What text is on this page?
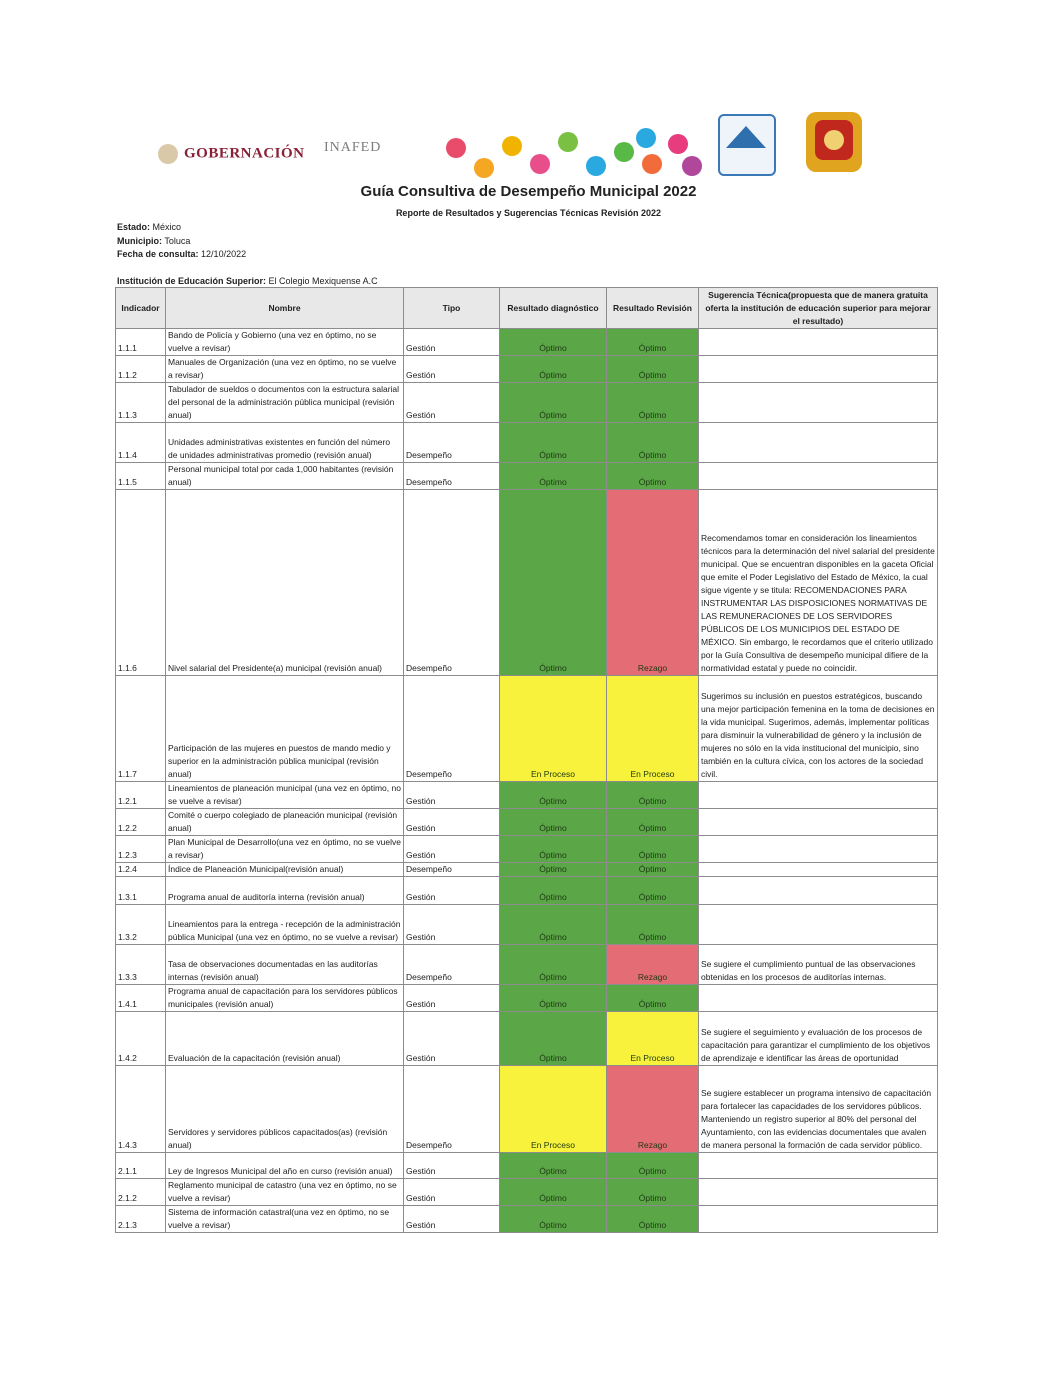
GOBERNACIÓN INAFED
Guía Consultiva de Desempeño Municipal 2022
Reporte de Resultados y Sugerencias Técnicas Revisión 2022
Estado: México
Municipio: Toluca
Fecha de consulta: 12/10/2022
Institución de Educación Superior: El Colegio Mexiquense A.C
Indicador	Nombre	Tipo	Resultado diagnóstico	Resultado Revisión	Sugerencia Técnica(propuesta que de manera gratuita oferta la institución de educación superior para mejorar el resultado)
1.1.1	Bando de Policía y Gobierno (una vez en óptimo, no se vuelve a revisar)	Gestión	Óptimo	Óptimo	
1.1.2	Manuales de Organización (una vez en óptimo, no se vuelve a revisar)	Gestión	Óptimo	Óptimo	
1.1.3	Tabulador de sueldos o documentos con la estructura salarial del personal de la administración pública municipal (revisión anual)	Gestión	Óptimo	Óptimo	
1.1.4	Unidades administrativas existentes en función del número de unidades administrativas promedio (revisión anual)	Desempeño	Óptimo	Óptimo	
1.1.5	Personal municipal total por cada 1,000 habitantes (revisión anual)	Desempeño	Óptimo	Óptimo	
1.1.6	Nivel salarial del Presidente(a) municipal (revisión anual)	Desempeño	Óptimo	Rezago	Recomendamos tomar en consideración los lineamientos técnicos para la determinación del nivel salarial del presidente municipal. Que se encuentran disponibles en la gaceta Oficial que emite el Poder Legislativo del Estado de México, la cual sigue vigente y se titula: RECOMENDACIONES PARA INSTRUMENTAR LAS DISPOSICIONES NORMATIVAS DE LAS REMUNERACIONES DE LOS SERVIDORES PÚBLICOS DE LOS MUNICIPIOS DEL ESTADO DE MÉXICO. Sin embargo, le recordamos que el criterio utilizado por la Guía Consultiva de desempeño municipal difiere de la normatividad estatal y puede no coincidir.
1.1.7	Participación de las mujeres en puestos de mando medio y superior en la administración pública municipal (revisión anual)	Desempeño	En Proceso	En Proceso	Sugerimos su inclusión en puestos estratégicos, buscando una mejor participación femenina en la toma de decisiones en la vida municipal. Sugerimos, además, implementar políticas para disminuir la vulnerabilidad de género y la inclusión de mujeres no sólo en la vida institucional del municipio, sino también en la cultura cívica, con los actores de la sociedad civil.
1.2.1	Lineamientos de planeación municipal (una vez en óptimo, no se vuelve a revisar)	Gestión	Óptimo	Óptimo	
1.2.2	Comité o cuerpo colegiado de planeación municipal (revisión anual)	Gestión	Óptimo	Óptimo	
1.2.3	Plan Municipal de Desarrollo(una vez en óptimo, no se vuelve a revisar)	Gestión	Óptimo	Óptimo	
1.2.4	Índice de Planeación Municipal(revisión anual)	Desempeño	Óptimo	Óptimo	
1.3.1	Programa anual de auditoría interna (revisión anual)	Gestión	Óptimo	Óptimo	
1.3.2	Lineamientos para la entrega - recepción de la administración pública Municipal (una vez en óptimo, no se vuelve a revisar)	Gestión	Óptimo	Óptimo	
1.3.3	Tasa de observaciones documentadas en las auditorías internas (revisión anual)	Desempeño	Óptimo	Rezago	Se sugiere el cumplimiento puntual de las observaciones obtenidas en los procesos de auditorías internas.
1.4.1	Programa anual de capacitación para los servidores públicos municipales (revisión anual)	Gestión	Óptimo	Óptimo	
1.4.2	Evaluación de la capacitación (revisión anual)	Gestión	Óptimo	En Proceso	Se sugiere el seguimiento y evaluación de los procesos de capacitación para garantizar el cumplimiento de los objetivos de aprendizaje e identificar las áreas de oportunidad
1.4.3	Servidores y servidores públicos capacitados(as) (revisión anual)	Desempeño	En Proceso	Rezago	Se sugiere establecer un programa intensivo de capacitación para fortalecer las capacidades de los servidores públicos. Manteniendo un registro superior al 80% del personal del Ayuntamiento, con las evidencias documentales que avalen de manera personal la formación de cada servidor público.
2.1.1	Ley de Ingresos Municipal del año en curso (revisión anual)	Gestión	Óptimo	Óptimo	
2.1.2	Reglamento municipal de catastro (una vez en óptimo, no se vuelve a revisar)	Gestión	Óptimo	Óptimo	
2.1.3	Sistema de información catastral(una vez en óptimo, no se vuelve a revisar)	Gestión	Óptimo	Óptimo	
